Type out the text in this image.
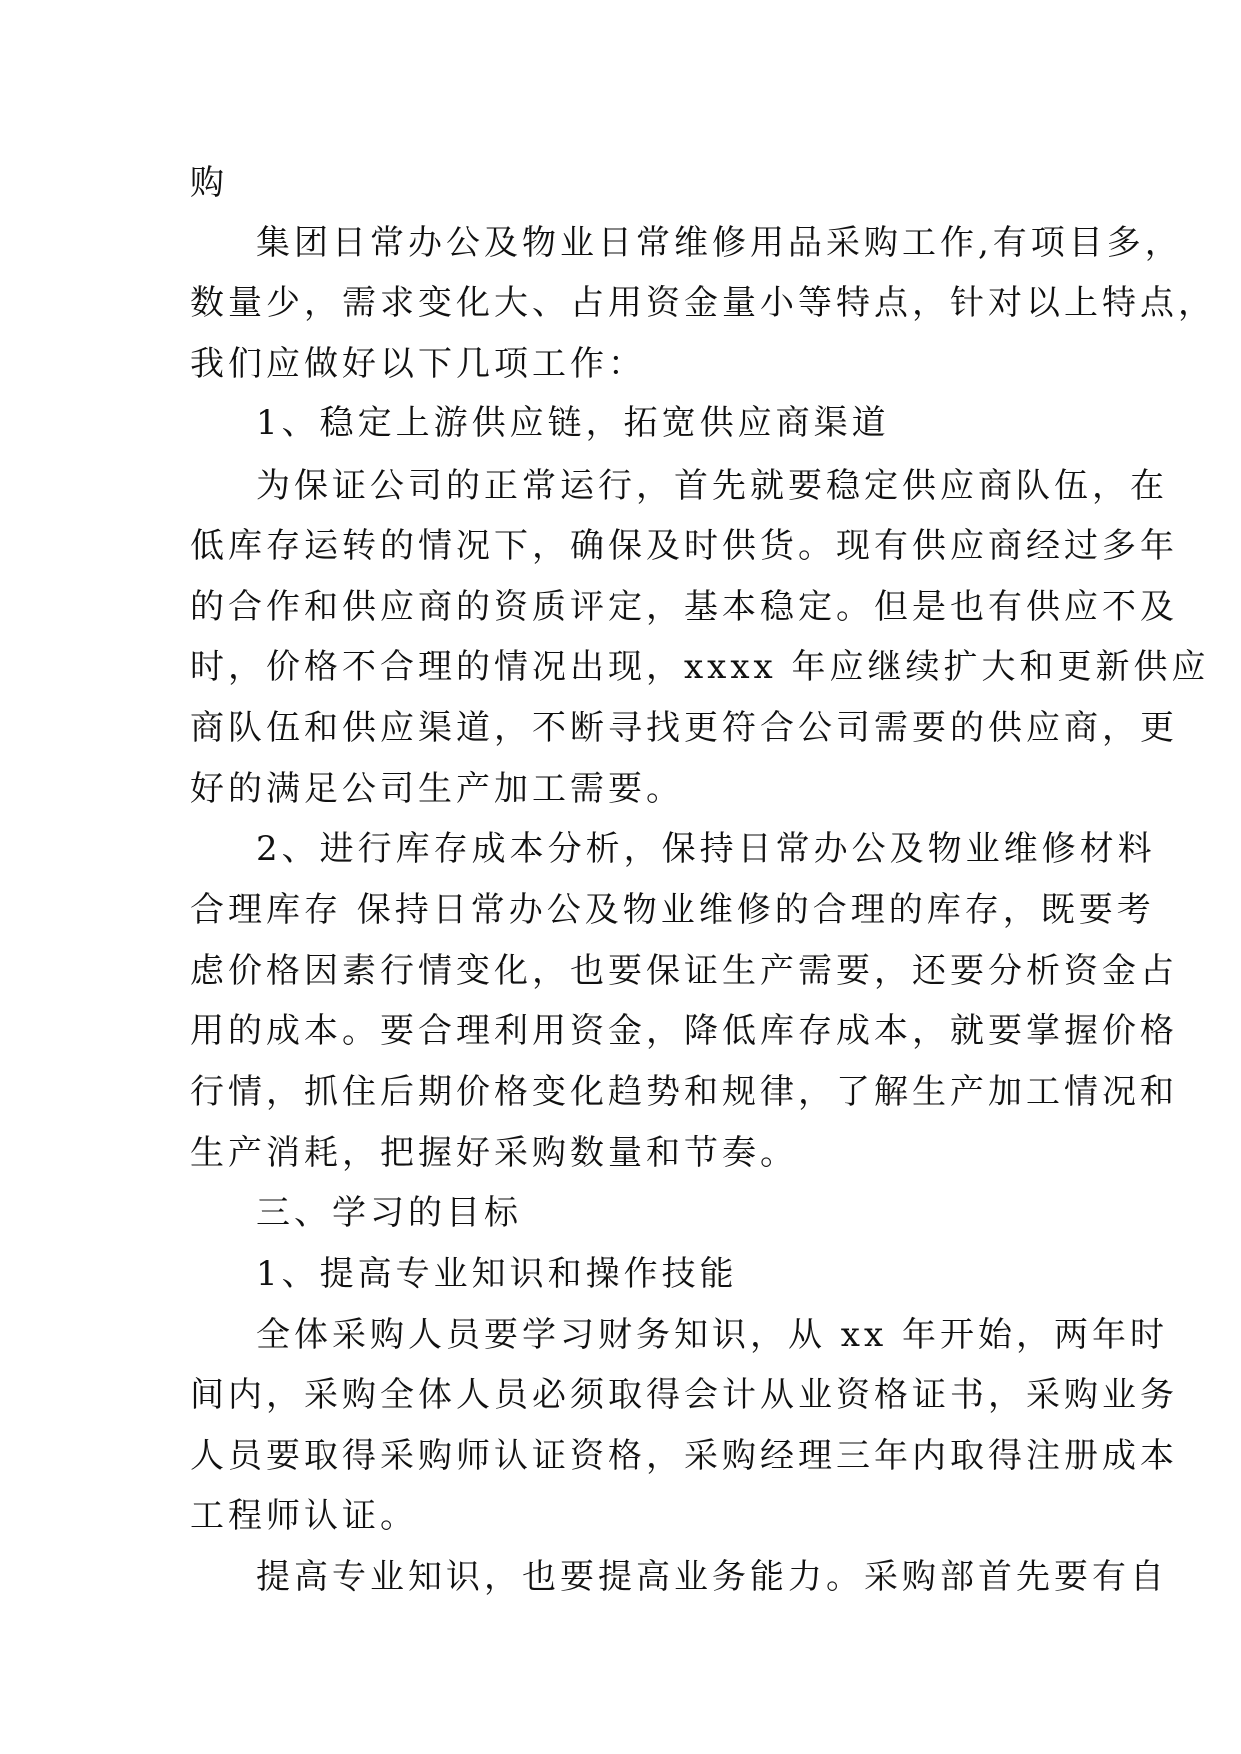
购
集团日常办公及物业日常维修用品采购工作,有项目多，
数量少，需求变化大、占用资金量小等特点，针对以上特点，
我们应做好以下几项工作：
1、稳定上游供应链，拓宽供应商渠道
为保证公司的正常运行，首先就要稳定供应商队伍，在
低库存运转的情况下，确保及时供货。现有供应商经过多年
的合作和供应商的资质评定，基本稳定。但是也有供应不及
时，价格不合理的情况出现，xxxx 年应继续扩大和更新供应
商队伍和供应渠道，不断寻找更符合公司需要的供应商，更
好的满足公司生产加工需要。
2、进行库存成本分析，保持日常办公及物业维修材料
合理库存 保持日常办公及物业维修的合理的库存，既要考
虑价格因素行情变化，也要保证生产需要，还要分析资金占
用的成本。要合理利用资金，降低库存成本，就要掌握价格
行情，抓住后期价格变化趋势和规律，了解生产加工情况和
生产消耗，把握好采购数量和节奏。
三、学习的目标
1、提高专业知识和操作技能
全体采购人员要学习财务知识，从 xx 年开始，两年时
间内，采购全体人员必须取得会计从业资格证书，采购业务
人员要取得采购师认证资格，采购经理三年内取得注册成本
工程师认证。
提高专业知识，也要提高业务能力。采购部首先要有自
